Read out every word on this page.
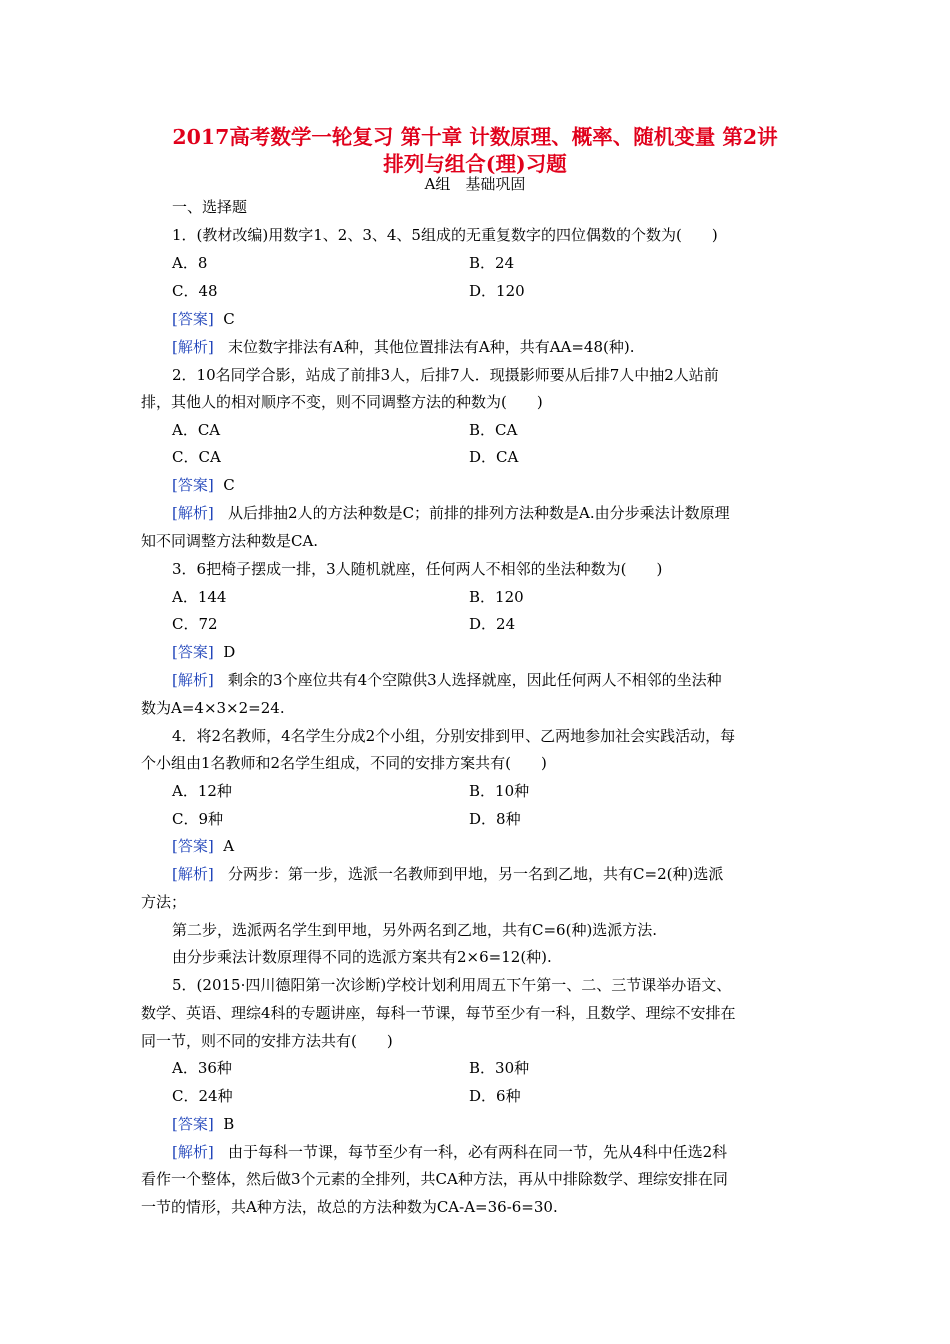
2017高考数学一轮复习 第十章 计数原理、概率、随机变量 第2讲
排列与组合(理)习题
A组　基础巩固
一、选择题
1．(教材改编)用数字1、2、3、4、5组成的无重复数字的四位偶数的个数为(　　)
A．8	B．24
C．48	D．120
[答案] C
[解析] 末位数字排法有A种，其他位置排法有A种，共有AA=48(种).
2．10名同学合影，站成了前排3人，后排7人．现摄影师要从后排7人中抽2人站前
排，其他人的相对顺序不变，则不同调整方法的种数为(　　)
A．CA	B．CA
C．CA	D．CA
[答案] C
[解析] 从后排抽2人的方法种数是C；前排的排列方法种数是A.由分步乘法计数原理
知不同调整方法种数是CA.
3．6把椅子摆成一排，3人随机就座，任何两人不相邻的坐法种数为(　　)
A．144	B．120
C．72	D．24
[答案] D
[解析] 剩余的3个座位共有4个空隙供3人选择就座，因此任何两人不相邻的坐法种
数为A=4×3×2=24.
4．将2名教师，4名学生分成2个小组，分别安排到甲、乙两地参加社会实践活动，每
个小组由1名教师和2名学生组成，不同的安排方案共有(　　)
A．12种	B．10种
C．9种	D．8种
[答案] A
[解析] 分两步：第一步，选派一名教师到甲地，另一名到乙地，共有C=2(种)选派
方法；
第二步，选派两名学生到甲地，另外两名到乙地，共有C=6(种)选派方法.
由分步乘法计数原理得不同的选派方案共有2×6=12(种).
5．(2015·四川德阳第一次诊断)学校计划利用周五下午第一、二、三节课举办语文、
数学、英语、理综4科的专题讲座，每科一节课，每节至少有一科，且数学、理综不安排在
同一节，则不同的安排方法共有(　　)
A．36种	B．30种
C．24种	D．6种
[答案] B
[解析] 由于每科一节课，每节至少有一科，必有两科在同一节，先从4科中任选2科
看作一个整体，然后做3个元素的全排列，共CA种方法，再从中排除数学、理综安排在同
一节的情形，共A种方法，故总的方法种数为CA-A=36-6=30.
